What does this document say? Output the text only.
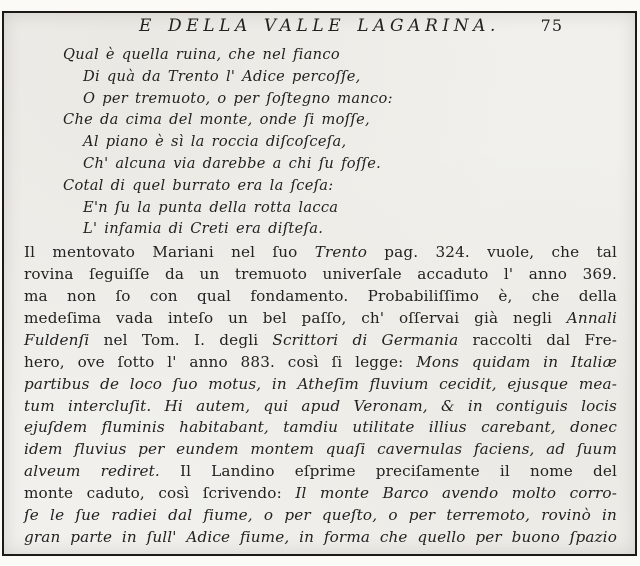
E DELLA VALLE LAGARINA.	75
Qual è quella ruina, che nel fianco
Di quà da Trento l' Adice percoſſe,
O per tremuoto, o per ſoſtegno manco:
Che da cima del monte, onde ſi moſſe,
Al piano è sì la roccia diſcoſceſa,
Ch' alcuna via darebbe a chi ſu foſſe.
Cotal di quel burrato era la ſceſa:
E'n ſu la punta della rotta lacca
L' infamia di Creti era diſteſa.
Il mentovato Mariani nel ſuo Trento pag. 324. vuole, che tal
rovina ſeguiſſe da un tremuoto univerſale accaduto l' anno 369.
ma non ſo con qual fondamento. Probabiliſſimo è, che della
medeſima vada inteſo un bel paſſo, ch' oſſervai già negli Annali
Fuldenſi nel Tom. I. degli Scrittori di Germania raccolti dal Fre-
hero, ove ſotto l' anno 883. così ſi legge: Mons quidam in Italiæ
partibus de loco ſuo motus, in Atheſim fluvium cecidit, ejusque mea-
tum intercluſit. Hi autem, qui apud Veronam, & in contiguis locis
ejuſdem fluminis habitabant, tamdiu utilitate illius carebant, donec
idem fluvius per eundem montem quaſi cavernulas faciens, ad ſuum
alveum rediret. Il Landino eſprime preciſamente il nome del
monte caduto, così ſcrivendo: Il monte Barco avendo molto corro-
ſe le ſue radiei dal fiume, o per queſto, o per terremoto, rovinò in
gran parte in ſull' Adice fiume, in forma che quello per buono ſpazio
